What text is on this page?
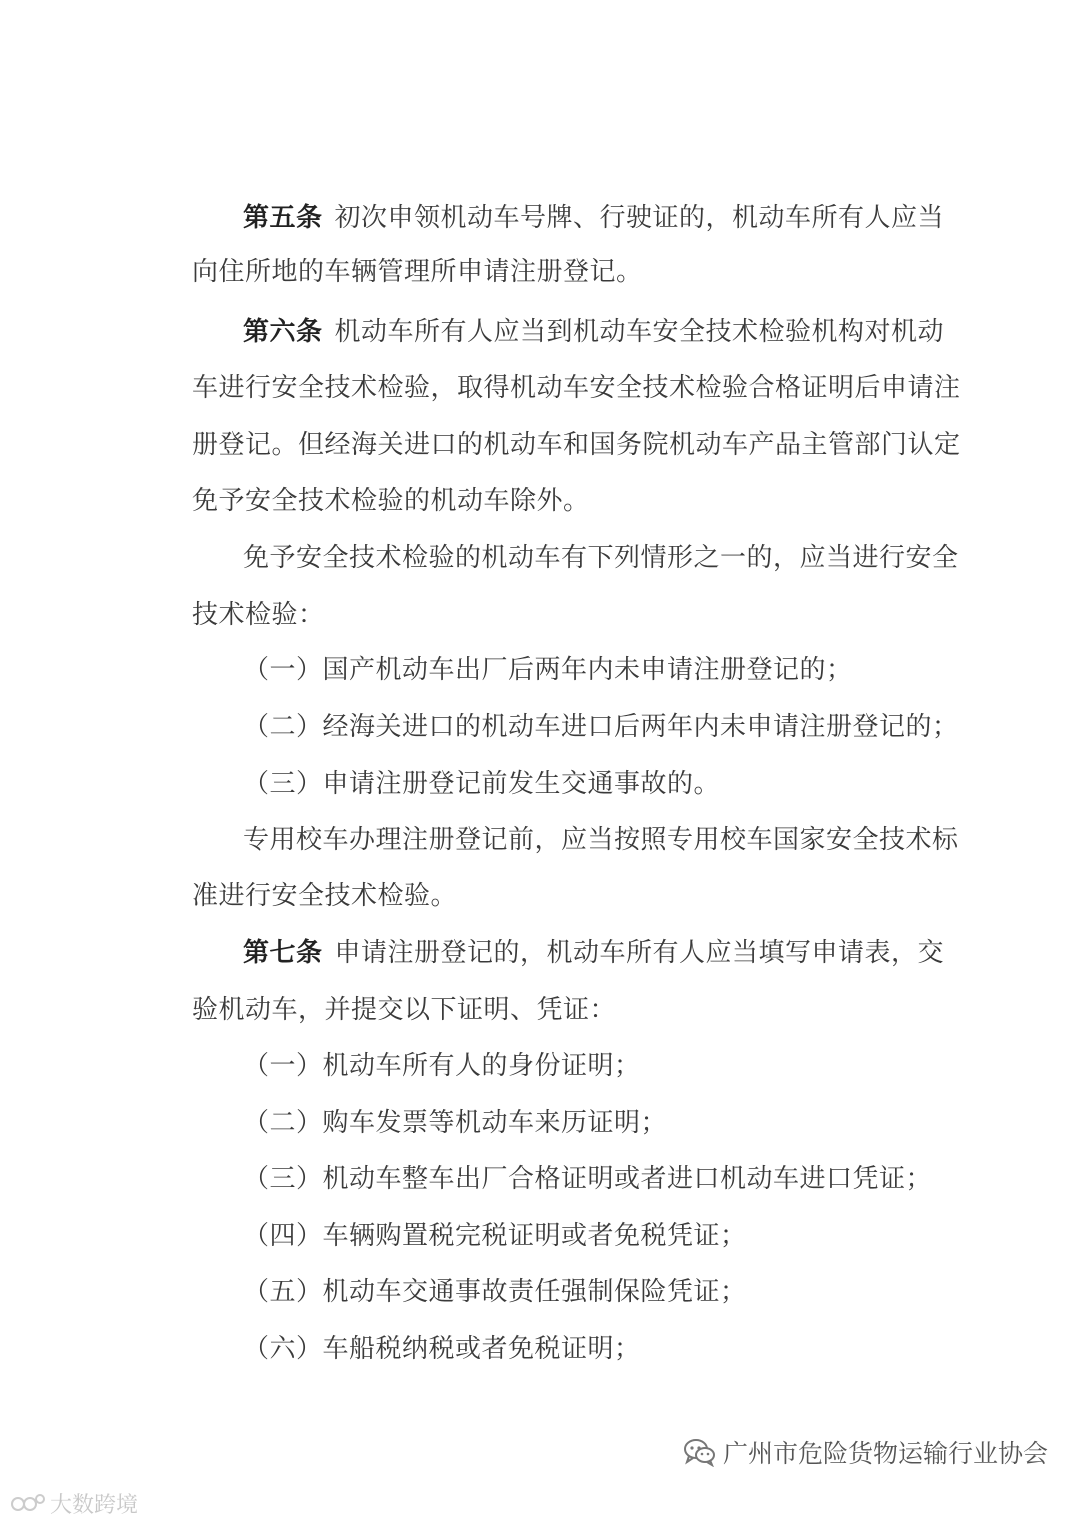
第五条 初次申领机动车号牌、行驶证的，机动车所有人应当
向住所地的车辆管理所申请注册登记。
第六条 机动车所有人应当到机动车安全技术检验机构对机动
车进行安全技术检验，取得机动车安全技术检验合格证明后申请注
册登记。但经海关进口的机动车和国务院机动车产品主管部门认定
免予安全技术检验的机动车除外。
免予安全技术检验的机动车有下列情形之一的，应当进行安全
技术检验：
（一）国产机动车出厂后两年内未申请注册登记的；
（二）经海关进口的机动车进口后两年内未申请注册登记的；
（三）申请注册登记前发生交通事故的。
专用校车办理注册登记前，应当按照专用校车国家安全技术标
准进行安全技术检验。
第七条 申请注册登记的，机动车所有人应当填写申请表，交
验机动车，并提交以下证明、凭证：
（一）机动车所有人的身份证明；
（二）购车发票等机动车来历证明；
（三）机动车整车出厂合格证明或者进口机动车进口凭证；
（四）车辆购置税完税证明或者免税凭证；
（五）机动车交通事故责任强制保险凭证；
（六）车船税纳税或者免税证明；
广州市危险货物运输行业协会
大数跨境
